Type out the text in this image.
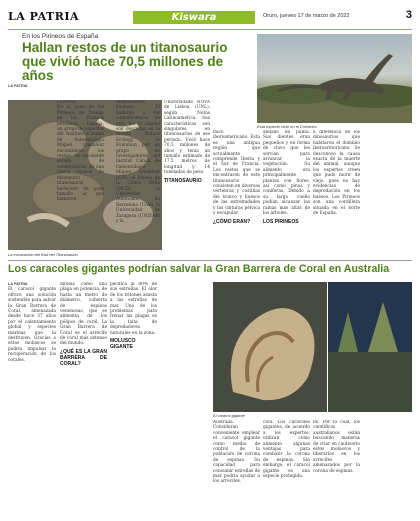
LA PATRIA	Kiswara	Oruro, jueves 17 de marzo de 2022	3
En los Pirineos de España
Hallan restos de un titanosaurio que vivió hace 70,5 millones de años
Esta especie vivió en el Cretácico
LA PATRIA
LA PATRIA
En la zona de los Pirineos de Tremp, en los Pirineos leridanos, España, un grupo de expertos del Instituto Catalán de Paleontología Miquel Crusafont encontraron los restos, en excelente estado de conservación, de una nueva especie de dinosaurio titanosaurio herbívoro de gran tamaño al que llamaron
La excavación del fósil del Titanosaurio
Abditosaurus kuehnei. El hallazgo y las características de este nuevo animal son descritas en la revista Nature Ecology & Evolution por un grupo de investigadores del Institut Català de Paleontologia Miquel Crusafont (ICP), el Museu de la Conca Dellà (MCD), la Universitat Autònoma de Barcelona (UAB), la Universidad de Zaragoza (UNIZAR) y la
Universidade NOVA de Lisboa (UNL), según Notas Latinoamérica. Sus características son singulares en titanosaurios de ese período. Vivió hace 70,5 millones de años y tenía un tamaño estimado de 17,5 metros de longitud y 14 toneladas de peso.
TITANOSAURIO
mico iberoamericano. Esta es una antigua región que actualmente comprende Iberia y el Sur de Francia. Los restos que se encontraron de este titanosaurio consisten en diversas vértebras y costillas del tronco y huesos de las extremidades y las cinturas pélvica y escapular.
¿CÓMO ERAN?
andado en punta. Sus dientes eran pequeños y en forma de clavo que les servían para arrancar la vegetación. Su alimento era principalmente plantas con flores, así como pinos y coníferas. Debido a su largo cuello podían alcanzar las ramas más altas de los árboles.
LOS PIRINEOS
a diferencia de los dinosaurios que habitaron el dominio iberoarmoricano. Se desconoce la causa exacta de la muerte del animal, aunque los expertos creen que pudo morir de viejo, pues no hay evidencias de depredación en los huesos. Los Pirineos son una cordillera situada en el norte de España.
Los caracoles gigantes podrían salvar la Gran Barrera de Coral en Australia
LA PATRIA
El caracol gigante ofrece una solución sostenible para salvar la Gran Barrera de Coral, amenazada desde hace 37 años por el calentamiento global y especies marinas que la destruyen. Gracias a estos moluscos se podría impulsar la recuperación de los corales.
dirsela como una plaga en potencia, de hasta un metro de diámetro, cubierta de espinas venenosas, que se alimenta de los pólipos de coral. La Gran Barrera de Coral es el arrecife de coral más extenso del mundo.
¿QUÉ ES LA GRAN BARRERA DE CORAL?
pecífica al 80% de sus estrellas. El olor de los tritones asusta a las estrellas de mar. Uno de los problemas para frenar las plagas es la falta de depredadores naturales en la zona.
MOLUSCO GIGANTE
El caracol gigante
Australia. Consideran conveniente emplear el caracol gigante como medio de control de la población de corona de espinas. Su capacidad para consumir estrellas de mar podría ayudar a los arrecifes.
ción. Los caracoles gigantes, de acuerdo a los expertos, utilizan como alimento algunas ventajas para combatir la corona de espinas. Sin embargo, el caracol gigante es una especie protegida.
llo. Por lo cual, los científicos australianos están buscando maneras de criar en cautiverio estos moluscos y liberarlos en los arrecifes amenazados por la corona de espinas.
